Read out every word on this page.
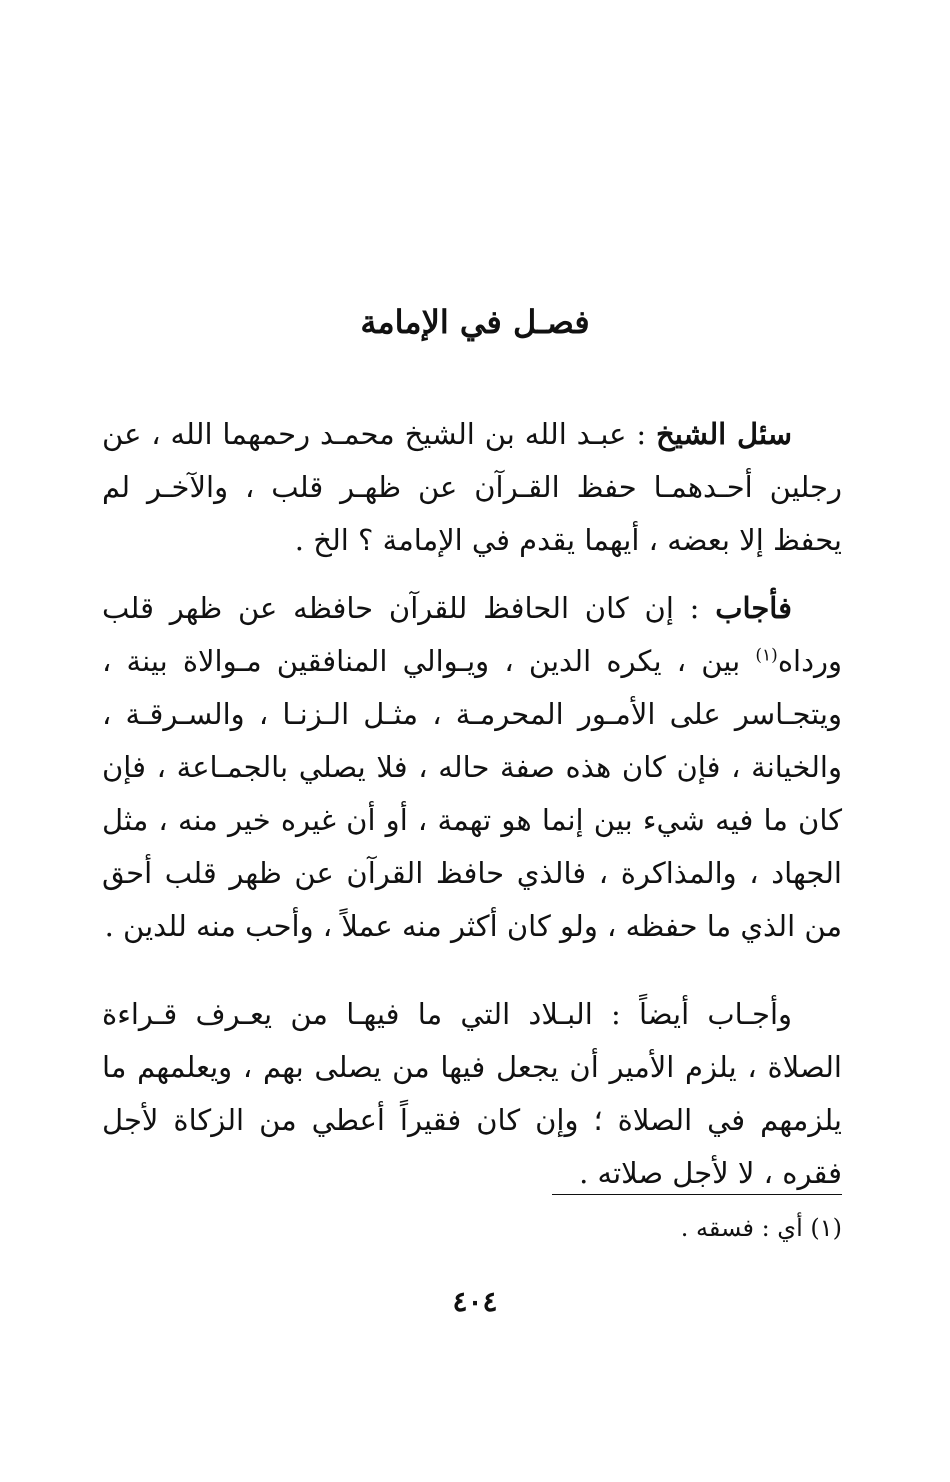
فصـل في الإمامة

سئل الشيخ : عبـد الله بن الشيخ محمـد رحمهما الله ، عن رجلين أحـدهمـا حفظ القـرآن عن ظهـر قلب ، والآخـر لم يحفظ إلا بعضه ، أيهما يقدم في الإمامة ؟ الخ .

فأجاب : إن كان الحافظ للقرآن حافظه عن ظهر قلب ورداه$^{(١)}$ بين ، يكره الدين ، ويـوالي المنافقين مـوالاة بينة ، ويتجـاسر على الأمـور المحرمـة ، مثـل الـزنـا ، والسـرقـة ، والخيانة ، فإن كان هذه صفة حاله ، فلا يصلي بالجمـاعة ، فإن كان ما فيه شيء بين إنما هو تهمة ، أو أن غيره خير منه ، مثل الجهاد ، والمذاكرة ، فالذي حافظ القرآن عن ظهر قلب أحق من الذي ما حفظه ، ولو كان أكثر منه عملاً ، وأحب منه للدين .

وأجـاب أيضاً : البـلاد التي ما فيهـا من يعـرف قـراءة الصلاة ، يلزم الأمير أن يجعل فيها من يصلى بهم ، ويعلمهم ما يلزمهم في الصلاة ؛ وإن كان فقيراً أعطي من الزكاة لأجل فقره ، لا لأجل صلاته .

(١) أي : فسقه .

٤٠٤
